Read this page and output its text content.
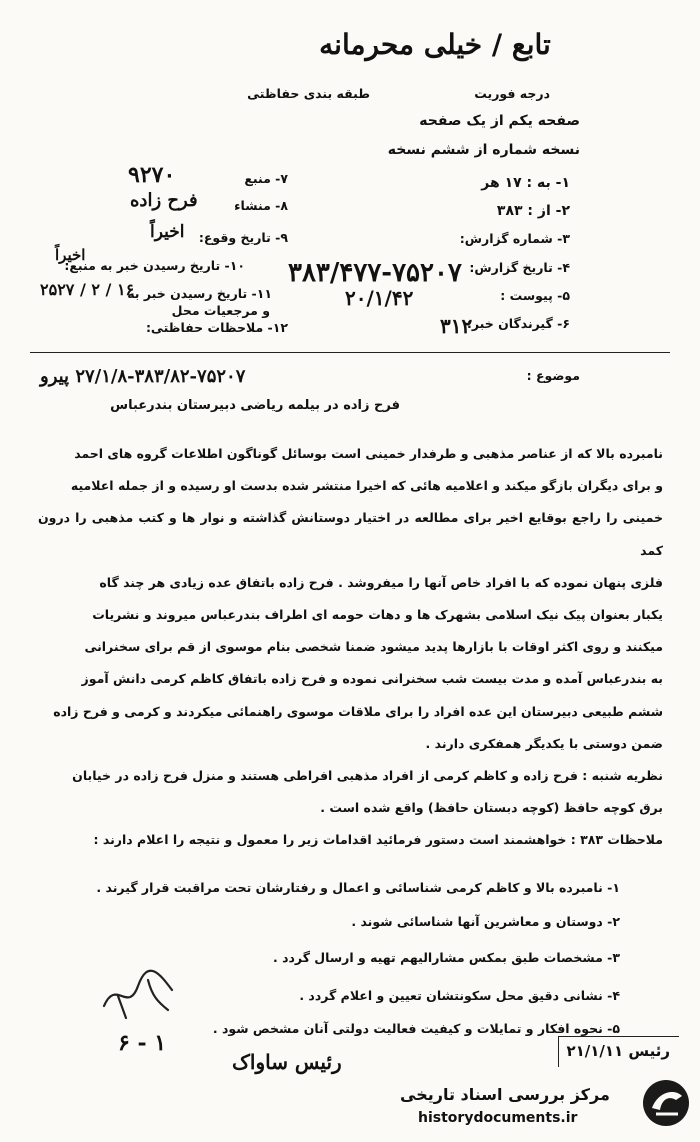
تابع / خیلی محرمانه
درجه فوریت
طبقه بندی حفاظتی
صفحه یکم از یک صفحه
نسخه شماره از ششم نسخه
۱- به : ۱۷ هر
۲- از : ۳۸۳
۳- شماره گزارش:
۴- تاریخ گزارش:
۵- پیوست :
۶- گیرندگان خبر:
۳۸۳/۴۷۷-۷۵۲۰۷
۲۰/۱/۴۲
۳۱۲
۷- منبع
۹۲۷۰
۸- منشاء
فرح زاده
۹- تاریخ وقوع:
اخیراً
۱۰- تاریخ رسیدن خبر به منبع:
اخیراً
۱۱- تاریخ رسیدن خبر به
۱۶ / ۲ / ۲۵۲۷
و مرجعیات محل
۱۲- ملاحظات حفاظتی:
موضوع :
۲۷/۱/۸-۳۸۳/۸۲-۷۵۲۰۷ پیرو
فرح زاده در بیلمه ریاضی دبیرستان بندرعباس
نامبرده بالا که از عناصر مذهبی و طرفدار خمینی است بوسائل گوناگون اطلاعات گروه های احمد
و برای دیگران بازگو میکند و اعلامیه هائی که اخیرا منتشر شده بدست او رسیده و از جمله اعلامیه
خمینی را راجع بوقایع اخیر برای مطالعه در اختیار دوستانش گذاشته و نوار ها و کتب مذهبی را درون کمد
فلزی پنهان نموده که با افراد خاص آنها را میفروشد . فرح زاده باتفاق عده زیادی هر چند گاه
یکبار بعنوان پیک نیک اسلامی بشهرک ها و دهات حومه ای اطراف بندرعباس میروند و نشریات
میکنند و روی اکثر اوقات با بازارها پدید میشود ضمنا شخصی بنام موسوی از قم برای سخنرانی
به بندرعباس آمده و مدت بیست شب سخنرانی نموده و فرح زاده باتفاق کاظم کرمی دانش آموز
ششم طبیعی دبیرستان این عده افراد را برای ملاقات موسوی راهنمائی میکردند و کرمی و فرح زاده
ضمن دوستی با یکدیگر همفکری دارند .
نظریه شنبه : فرح زاده و کاظم کرمی از افراد مذهبی افراطی هستند و منزل فرح زاده در خیابان
برق کوچه حافظ (کوچه دبستان حافظ) واقع شده است .
ملاحظات ۳۸۳ : خواهشمند است دستور فرمائید اقدامات زیر را معمول و نتیجه را اعلام دارند :
۱- نامبرده بالا و کاظم کرمی شناسائی و اعمال و رفتارشان تحت مراقبت قرار گیرند .
۲- دوستان و معاشرین آنها شناسائی شوند .
۳- مشخصات طبق بمکس مشارالیهم تهیه و ارسال گردد .
۴- نشانی دقیق محل سکونتشان تعیین و اعلام گردد .
۵- نحوه افکار و تمایلات و کیفیت فعالیت دولتی آنان مشخص شود .
۱ - ۶
رئیس ساواک	رئیس ۲۱/۱/۱۱
مرکز بررسی اسناد تاریخی
historydocuments.ir
